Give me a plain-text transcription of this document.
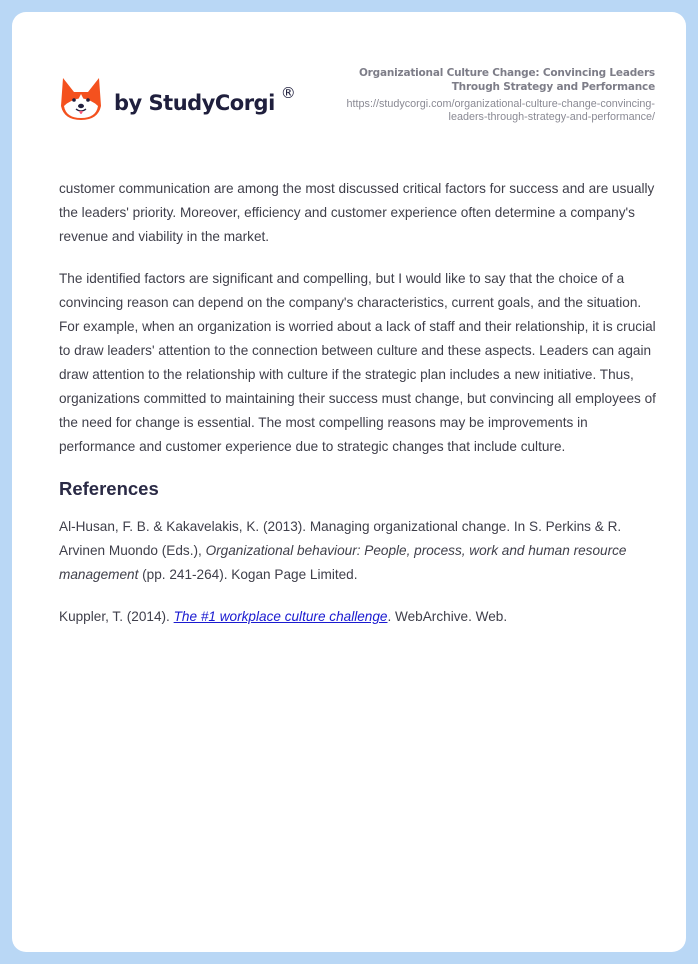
by StudyCorgi ®
Organizational Culture Change: Convincing Leaders Through Strategy and Performance
https://studycorgi.com/organizational-culture-change-convincing-leaders-through-strategy-and-performance/

customer communication are among the most discussed critical factors for success and are usually the leaders' priority. Moreover, efficiency and customer experience often determine a company's revenue and viability in the market.

The identified factors are significant and compelling, but I would like to say that the choice of a convincing reason can depend on the company's characteristics, current goals, and the situation. For example, when an organization is worried about a lack of staff and their relationship, it is crucial to draw leaders' attention to the connection between culture and these aspects. Leaders can again draw attention to the relationship with culture if the strategic plan includes a new initiative. Thus, organizations committed to maintaining their success must change, but convincing all employees of the need for change is essential. The most compelling reasons may be improvements in performance and customer experience due to strategic changes that include culture.

References

Al-Husan, F. B. & Kakavelakis, K. (2013). Managing organizational change. In S. Perkins & R. Arvinen Muondo (Eds.), Organizational behaviour: People, process, work and human resource management (pp. 241-264). Kogan Page Limited.

Kuppler, T. (2014). The #1 workplace culture challenge. WebArchive. Web.
